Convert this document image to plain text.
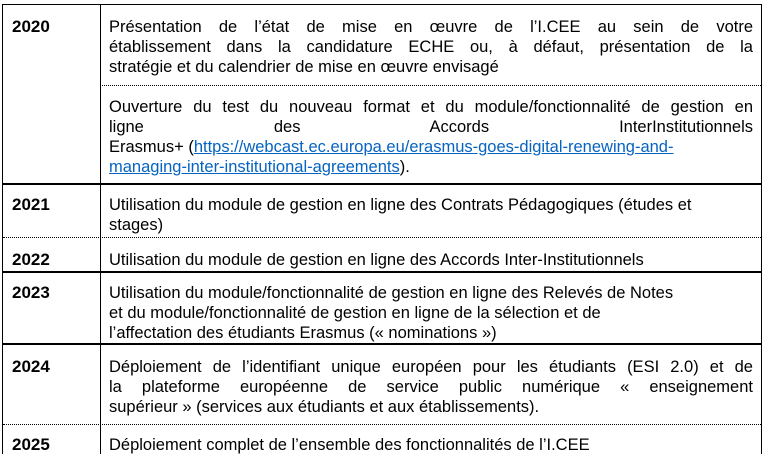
2020	Présentation de l’état de mise en œuvre de l’I.CEE au sein de votre
établissement dans la candidature ECHE ou, à défaut, présentation de la
stratégie et du calendrier de mise en œuvre envisagé
Ouverture du test du nouveau format et du module/fonctionnalité de gestion en
ligne des Accords InterInstitutionnels
Erasmus+ (https://webcast.ec.europa.eu/erasmus-goes-digital-renewing-and-
managing-inter-institutional-agreements).
2021	Utilisation du module de gestion en ligne des Contrats Pédagogiques (études et
stages)
2022	Utilisation du module de gestion en ligne des Accords Inter-Institutionnels
2023	Utilisation du module/fonctionnalité de gestion en ligne des Relevés de Notes
et du module/fonctionnalité de gestion en ligne de la sélection et de
l’affectation des étudiants Erasmus (« nominations »)
2024	Déploiement de l’identifiant unique européen pour les étudiants (ESI 2.0) et de
la plateforme européenne de service public numérique « enseignement
supérieur » (services aux étudiants et aux établissements).
2025	Déploiement complet de l’ensemble des fonctionnalités de l’I.CEE
